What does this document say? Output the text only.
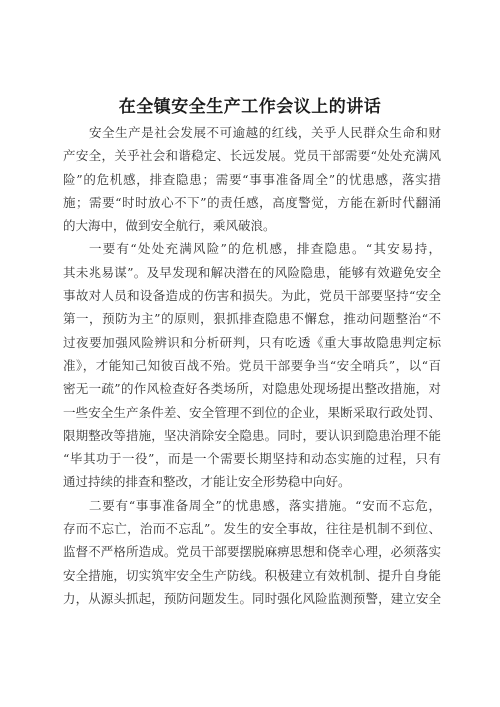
在全镇安全生产工作会议上的讲话
安全生产是社会发展不可逾越的红线，关乎人民群众生命和财
产安全，关乎社会和谐稳定、长远发展。党员干部需要“处处充满风
险”的危机感，排查隐患；需要“事事准备周全”的忧患感，落实措
施；需要“时时放心不下”的责任感，高度警觉，方能在新时代翻涌
的大海中，做到安全航行，乘风破浪。
一要有“处处充满风险”的危机感，排查隐患。“其安易持，
其未兆易谋”。及早发现和解决潜在的风险隐患，能够有效避免安全
事故对人员和设备造成的伤害和损失。为此，党员干部要坚持“安全
第一，预防为主”的原则，狠抓排查隐患不懈怠，推动问题整治“不
过夜要加强风险辨识和分析研判，只有吃透《重大事故隐患判定标
准》，才能知己知彼百战不殆。党员干部要争当“安全哨兵”，以“百
密无一疏”的作风检查好各类场所，对隐患处现场提出整改措施，对
一些安全生产条件差、安全管理不到位的企业，果断采取行政处罚、
限期整改等措施，坚决消除安全隐患。同时，要认识到隐患治理不能
“毕其功于一役”，而是一个需要长期坚持和动态实施的过程，只有
通过持续的排查和整改，才能让安全形势稳中向好。
二要有“事事准备周全”的忧患感，落实措施。“安而不忘危，
存而不忘亡，治而不忘乱”。发生的安全事故，往往是机制不到位、
监督不严格所造成。党员干部要摆脱麻痹思想和侥幸心理，必须落实
安全措施，切实筑牢安全生产防线。积极建立有效机制、提升自身能
力，从源头抓起，预防问题发生。同时强化风险监测预警，建立安全
